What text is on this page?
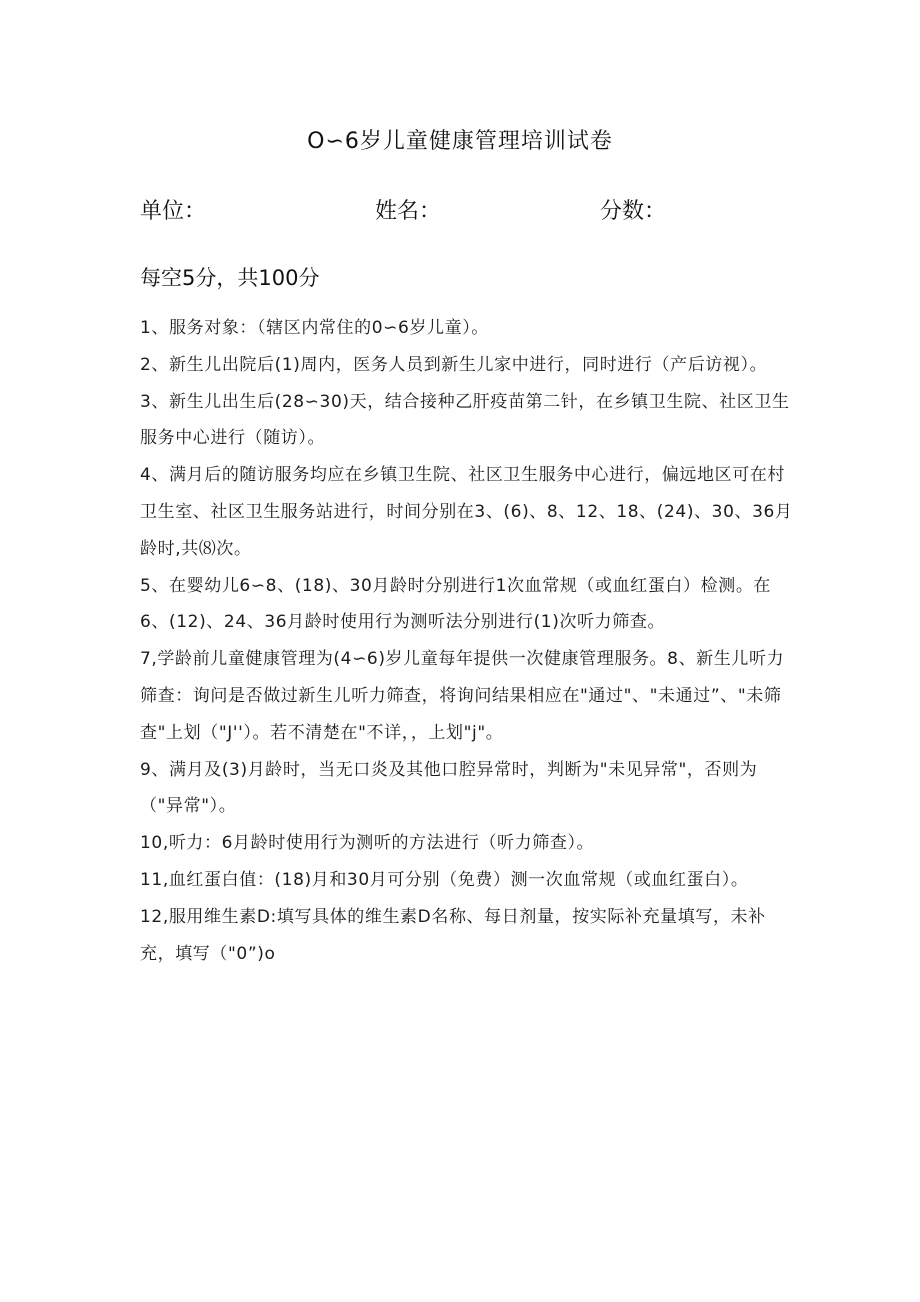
O∽6岁儿童健康管理培训试卷
单位：	姓名：	分数：
每空5分，共100分

1、服务对象：（辖区内常住的0∽6岁儿童）。

2、新生儿出院后(1)周内，医务人员到新生儿家中进行，同时进行（产后访视）。

3、新生儿出生后(28∽30)天，结合接种乙肝疫苗第二针，在乡镇卫生院、社区卫生服务中心进行（随访）。

4、满月后的随访服务均应在乡镇卫生院、社区卫生服务中心进行，偏远地区可在村卫生室、社区卫生服务站进行，时间分别在3、(6)、8、12、18、(24)、30、36月龄时,共⑻次。

5、在婴幼儿6∽8、(18)、30月龄时分别进行1次血常规（或血红蛋白）检测。在6、(12)、24、36月龄时使用行为测听法分别进行(1)次听力筛查。

7,学龄前儿童健康管理为(4∽6)岁儿童每年提供一次健康管理服务。8、新生儿听力筛查：询问是否做过新生儿听力筛查，将询问结果相应在"通过"、"未通过”、"未筛查"上划（"J''）。若不清楚在"不详，，上划"j"。

9、满月及(3)月龄时，当无口炎及其他口腔异常时，判断为"未见异常"，否则为（"异常"）。

10,听力：6月龄时使用行为测听的方法进行（听力筛查）。

11,血红蛋白值：(18)月和30月可分别（免费）测一次血常规（或血红蛋白）。

12,服用维生素D:填写具体的维生素D名称、每日剂量，按实际补充量填写，未补充，填写（"0”)o
